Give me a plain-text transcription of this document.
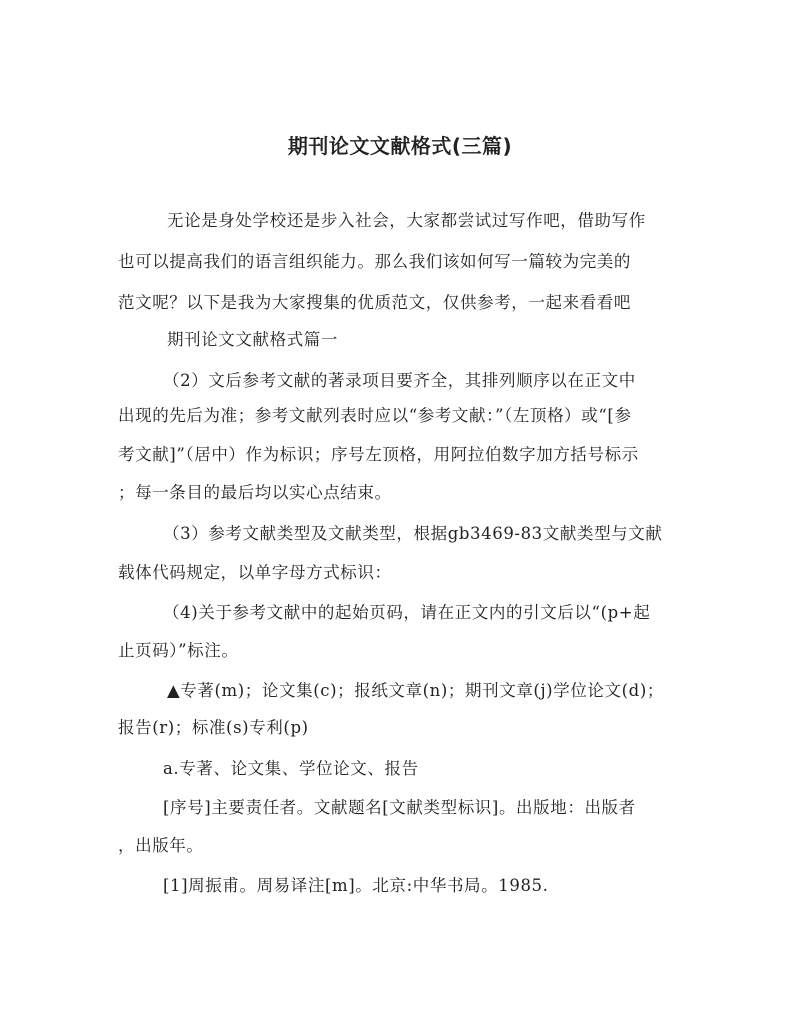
期刊论文文献格式(三篇)
无论是身处学校还是步入社会，大家都尝试过写作吧，借助写作
也可以提高我们的语言组织能力。那么我们该如何写一篇较为完美的
范文呢？以下是我为大家搜集的优质范文，仅供参考，一起来看看吧
期刊论文文献格式篇一
（2）文后参考文献的著录项目要齐全，其排列顺序以在正文中
出现的先后为准；参考文献列表时应以“参考文献：”（左顶格）或“[参
考文献]”（居中）作为标识；序号左顶格，用阿拉伯数字加方括号标示
；每一条目的最后均以实心点结束。
（3）参考文献类型及文献类型，根据gb3469-83文献类型与文献
载体代码规定，以单字母方式标识：
（4)关于参考文献中的起始页码，请在正文内的引文后以“(p+起
止页码）”标注。
▲专著(m)；论文集(c)；报纸文章(n)；期刊文章(j)学位论文(d)；
报告(r)；标准(s)专利(p)
a.专著、论文集、学位论文、报告
[序号]主要责任者。文献题名[文献类型标识]。出版地：出版者
，出版年。
[1]周振甫。周易译注[m]。北京:中华书局。1985.
